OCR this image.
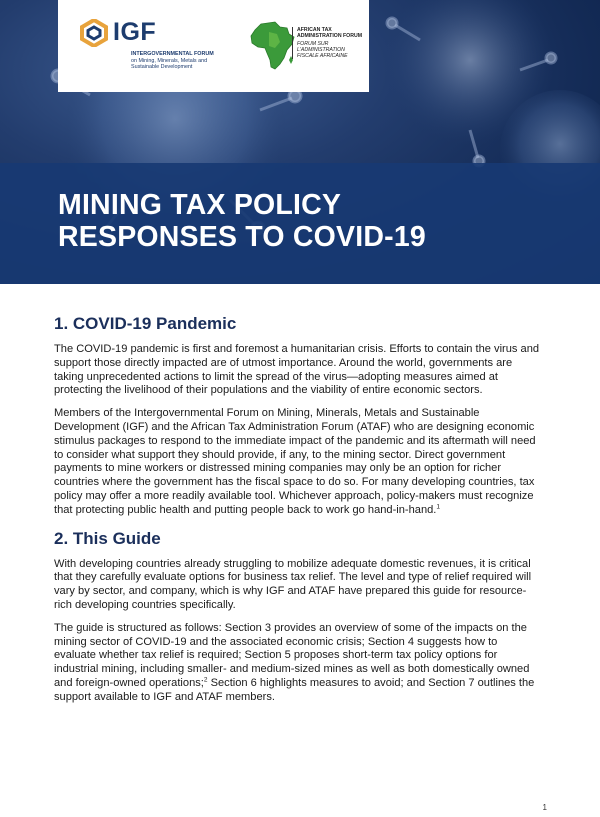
IGF
INTERGOVERNMENTAL FORUM
on Mining, Minerals, Metals and
Sustainable Development
AFRICAN TAX
ADMINISTRATION FORUM
FORUM SUR
L'ADMINISTRATION
FISCALE AFRICAINE
MINING TAX POLICY
RESPONSES TO COVID-19
1. COVID-19 Pandemic

The COVID-19 pandemic is first and foremost a humanitarian crisis. Efforts to contain the virus and support those directly impacted are of utmost importance. Around the world, governments are taking unprecedented actions to limit the spread of the virus—adopting measures aimed at protecting the livelihood of their populations and the viability of entire economic sectors.

Members of the Intergovernmental Forum on Mining, Minerals, Metals and Sustainable Development (IGF) and the African Tax Administration Forum (ATAF) who are designing economic stimulus packages to respond to the immediate impact of the pandemic and its aftermath will need to consider what support they should provide, if any, to the mining sector. Direct government payments to mine workers or distressed mining companies may only be an option for richer countries where the government has the fiscal space to do so. For many developing countries, tax policy may offer a more readily available tool. Whichever approach, policy-makers must recognize that protecting public health and putting people back to work go hand-in-hand.$^1$

2. This Guide

With developing countries already struggling to mobilize adequate domestic revenues, it is critical that they carefully evaluate options for business tax relief. The level and type of relief required will vary by sector, and company, which is why IGF and ATAF have prepared this guide for resource-rich developing countries specifically.

The guide is structured as follows: Section 3 provides an overview of some of the impacts on the mining sector of COVID-19 and the associated economic crisis; Section 4 suggests how to evaluate whether tax relief is required; Section 5 proposes short-term tax policy options for industrial mining, including smaller- and medium-sized mines as well as both domestically owned and foreign-owned operations;$^2$ Section 6 highlights measures to avoid; and Section 7 outlines the support available to IGF and ATAF members.

1
